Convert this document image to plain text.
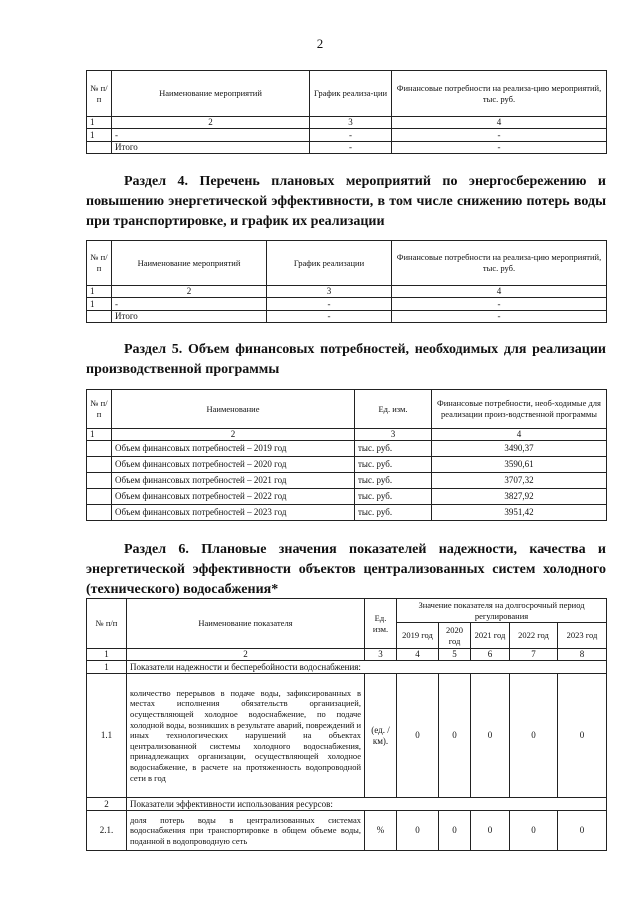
2
№ п/п	Наименование мероприятий	График реализа-ции	Финансовые потребности на реализа-цию мероприятий, тыс. руб.
1	2	3	4
1	-	-	-
	Итого	-	-
Раздел 4. Перечень плановых мероприятий по энергосбережению и повышению энергетической эффективности, в том числе снижению потерь воды при транспортировке, и график их реализации
№ п/п	Наименование мероприятий	График реализации	Финансовые потребности на реализа-цию мероприятий, тыс. руб.
1	2	3	4
1	-	-	-
	Итого	-	-
Раздел 5. Объем финансовых потребностей, необходимых для реализации производственной программы
№ п/п	Наименование	Ед. изм.	Финансовые потребности, необ-ходимые для реализации произ-водственной программы
1	2	3	4
	Объем финансовых потребностей – 2019 год	тыс. руб.	3490,37
	Объем финансовых потребностей – 2020 год	тыс. руб.	3590,61
	Объем финансовых потребностей – 2021 год	тыс. руб.	3707,32
	Объем финансовых потребностей – 2022 год	тыс. руб.	3827,92
	Объем финансовых потребностей – 2023 год	тыс. руб.	3951,42
Раздел 6. Плановые значения показателей надежности, качества и энергетической эффективности объектов централизованных систем холодного (технического) водосабжения*
№ п/п	Наименование показателя	Ед. изм.	Значение показателя на долгосрочный период регулирования				
			2019 год	2020 год	2021 год	2022 год	2023 год
1	2	3	4	5	6	7	8
1	Показатели надежности и бесперебойности водоснабжения:						
1.1	количество перерывов в подаче воды, зафиксированных в местах исполнения обязательств организацией, осуществляющей холодное водоснабжение, по подаче холодной воды, возникших в результате аварий, повреждений и иных технологических нарушений на объектах централизованной системы холодного водоснабжения, принадлежащих организации, осуществляющей холодное водоснабжение, в расчете на протяженность водопроводной сети в год	(ед. / км).	0	0	0	0	0
2	Показатели эффективности использования ресурсов:						
2.1.	доля потерь воды в централизованных системах водоснабжения при транспортировке в общем объеме воды, поданной в водопроводную сеть	%	0	0	0	0	0
